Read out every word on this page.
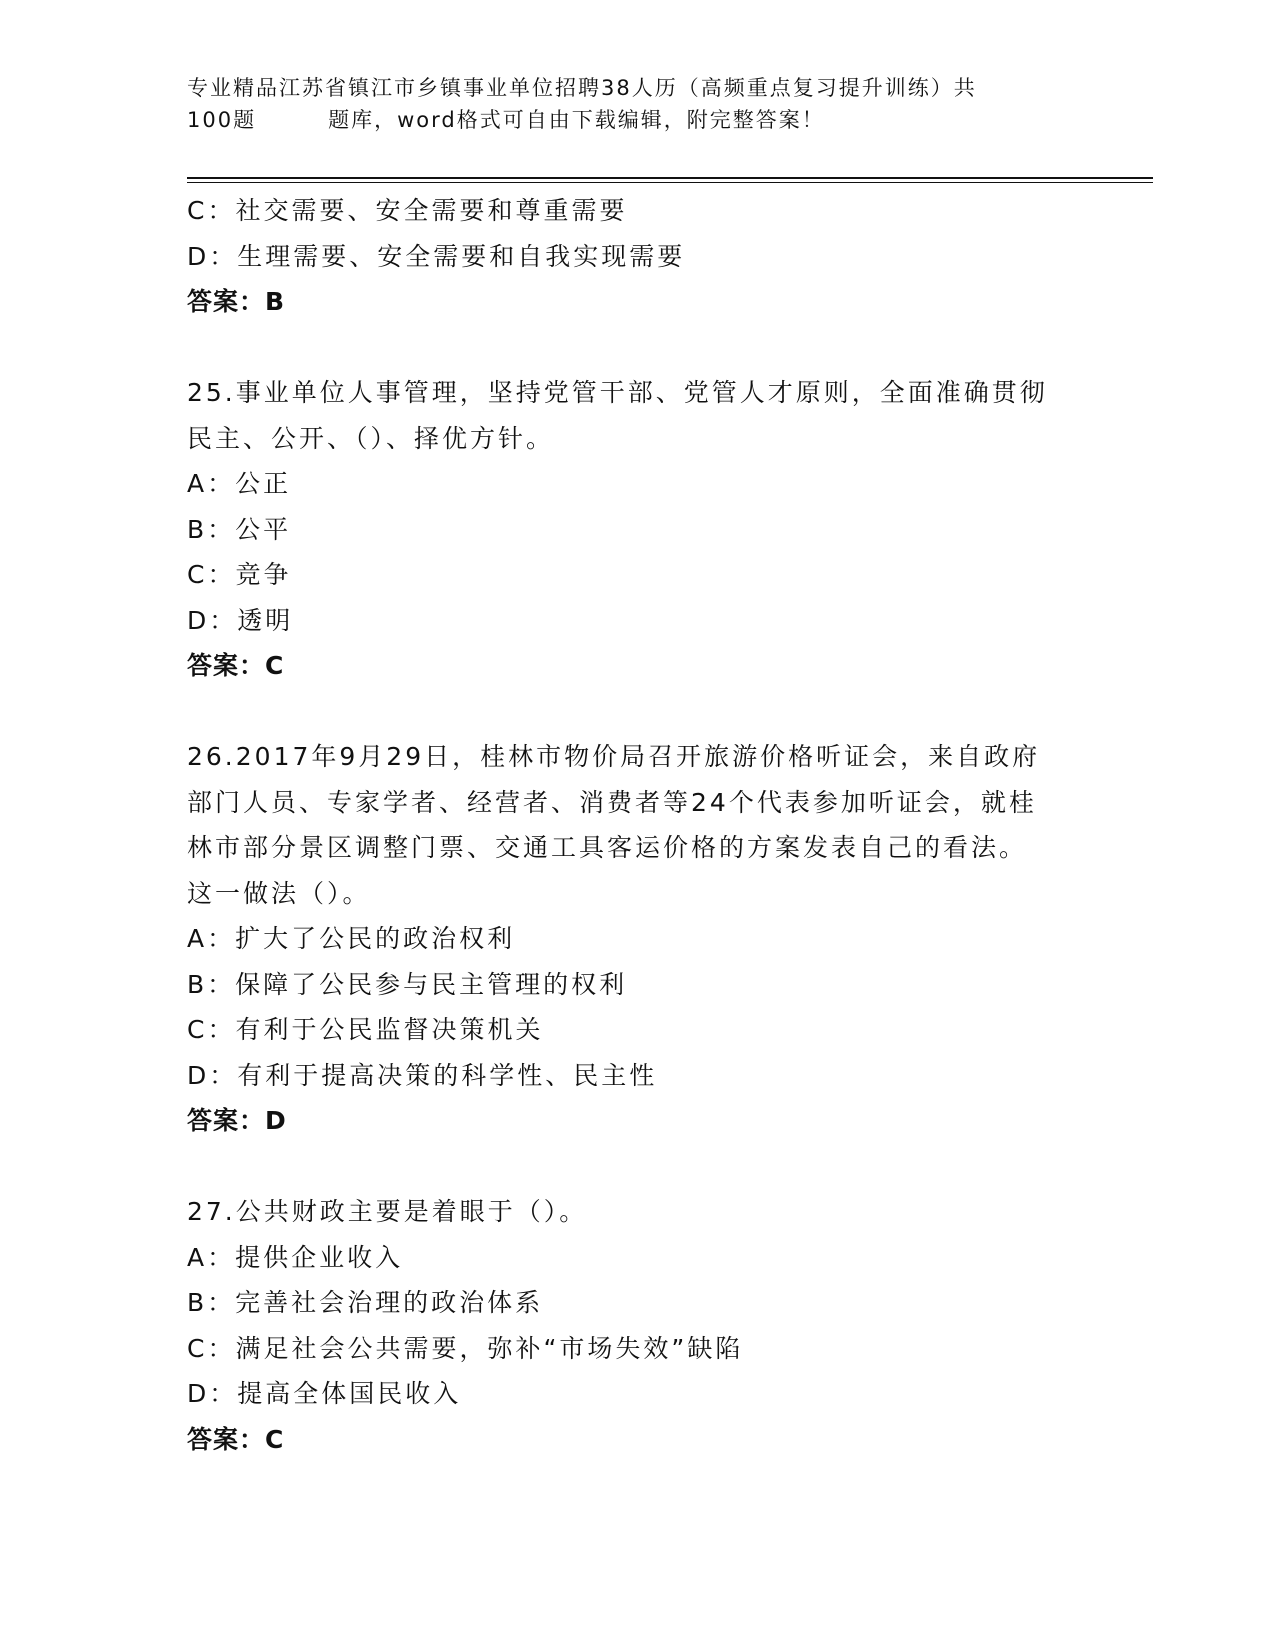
专业精品江苏省镇江市乡镇事业单位招聘38人历（高频重点复习提升训练）共
100题	题库，word格式可自由下载编辑，附完整答案！
C：社交需要、安全需要和尊重需要
D：生理需要、安全需要和自我实现需要
答案：B
25.事业单位人事管理，坚持党管干部、党管人才原则，全面准确贯彻
民主、公开、（）、择优方针。
A：公正
B：公平
C：竞争
D：透明
答案：C
26.2017年9月29日，桂林市物价局召开旅游价格听证会，来自政府
部门人员、专家学者、经营者、消费者等24个代表参加听证会，就桂
林市部分景区调整门票、交通工具客运价格的方案发表自己的看法。
这一做法（）。
A：扩大了公民的政治权利
B：保障了公民参与民主管理的权利
C：有利于公民监督决策机关
D：有利于提高决策的科学性、民主性
答案：D
27.公共财政主要是着眼于（）。
A：提供企业收入
B：完善社会治理的政治体系
C：满足社会公共需要，弥补“市场失效”缺陷
D：提高全体国民收入
答案：C
